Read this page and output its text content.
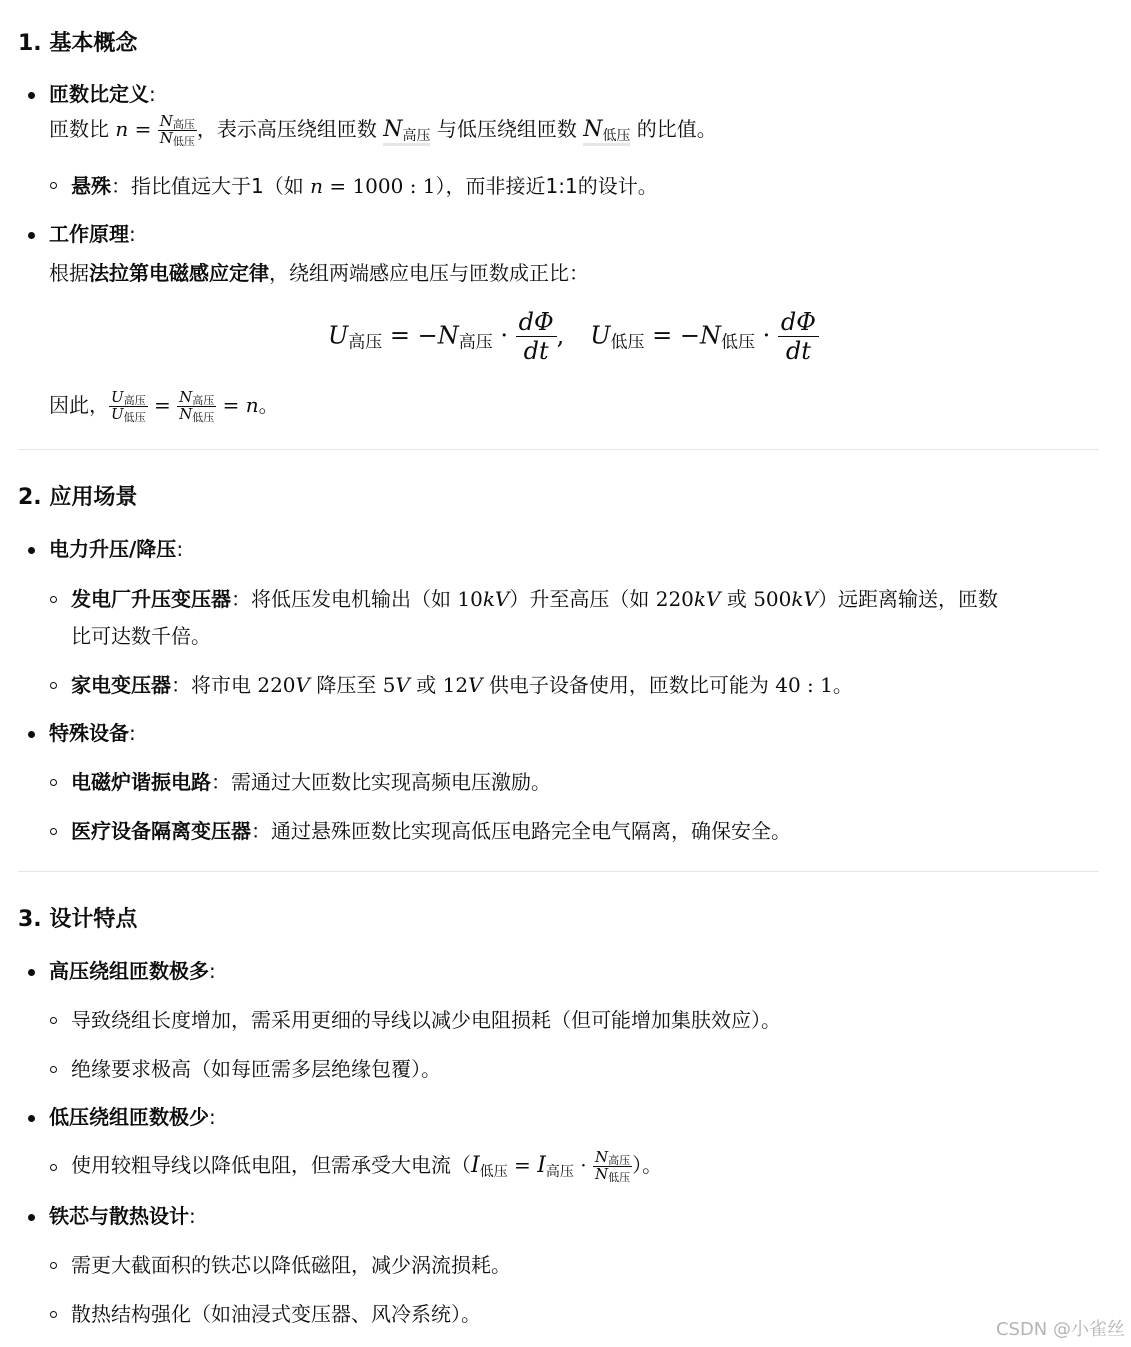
1. 基本概念
匝数比定义:
匝数比 $n = \frac{\text{N高压}}{\text{N低压}}$ ，表示高压绕组匝数 $N_{高压}$ 与低压绕组匝数 $N_{低压}$ 的比值。
悬殊：指比值远大于1（如 n = 1000 : 1），而非接近1:1的设计。
工作原理:
根据法拉第电磁感应定律，绕组两端感应电压与匝数成正比：
$U_{高压} = -N_{高压} \cdot \frac{d\Phi}{dt}$ , $U_{低压} = -N_{低压} \cdot \frac{d\Phi}{dt}$
因此， $\frac{\text{U高压}}{\text{U低压}} = \frac{\text{N高压}}{\text{N低压}} = n$。
2. 应用场景
电力升压/降压:
发电厂升压变压器：将低压发电机输出（如 10kV）升至高压（如 220kV 或 500kV）远距离输送，匝数
比可达数千倍。
家电变压器：将市电 220V 降压至 5V 或 12V 供电子设备使用，匝数比可能为 40 : 1。
特殊设备:
电磁炉谐振电路：需通过大匝数比实现高频电压激励。
医疗设备隔离变压器：通过悬殊匝数比实现高低压电路完全电气隔离，确保安全。
3. 设计特点
高压绕组匝数极多:
导致绕组长度增加，需采用更细的导线以减少电阻损耗（但可能增加集肤效应）。
绝缘要求极高（如每匝需多层绝缘包覆）。
低压绕组匝数极少:
使用较粗导线以降低电阻，但需承受大电流（$I_{低压} = I_{高压} \cdot \frac{\text{N高压}}{\text{N低压}}$ ）。
铁芯与散热设计:
需更大截面积的铁芯以降低磁阻，减少涡流损耗。
散热结构强化（如油浸式变压器、风冷系统）。
CSDN @小雀丝
